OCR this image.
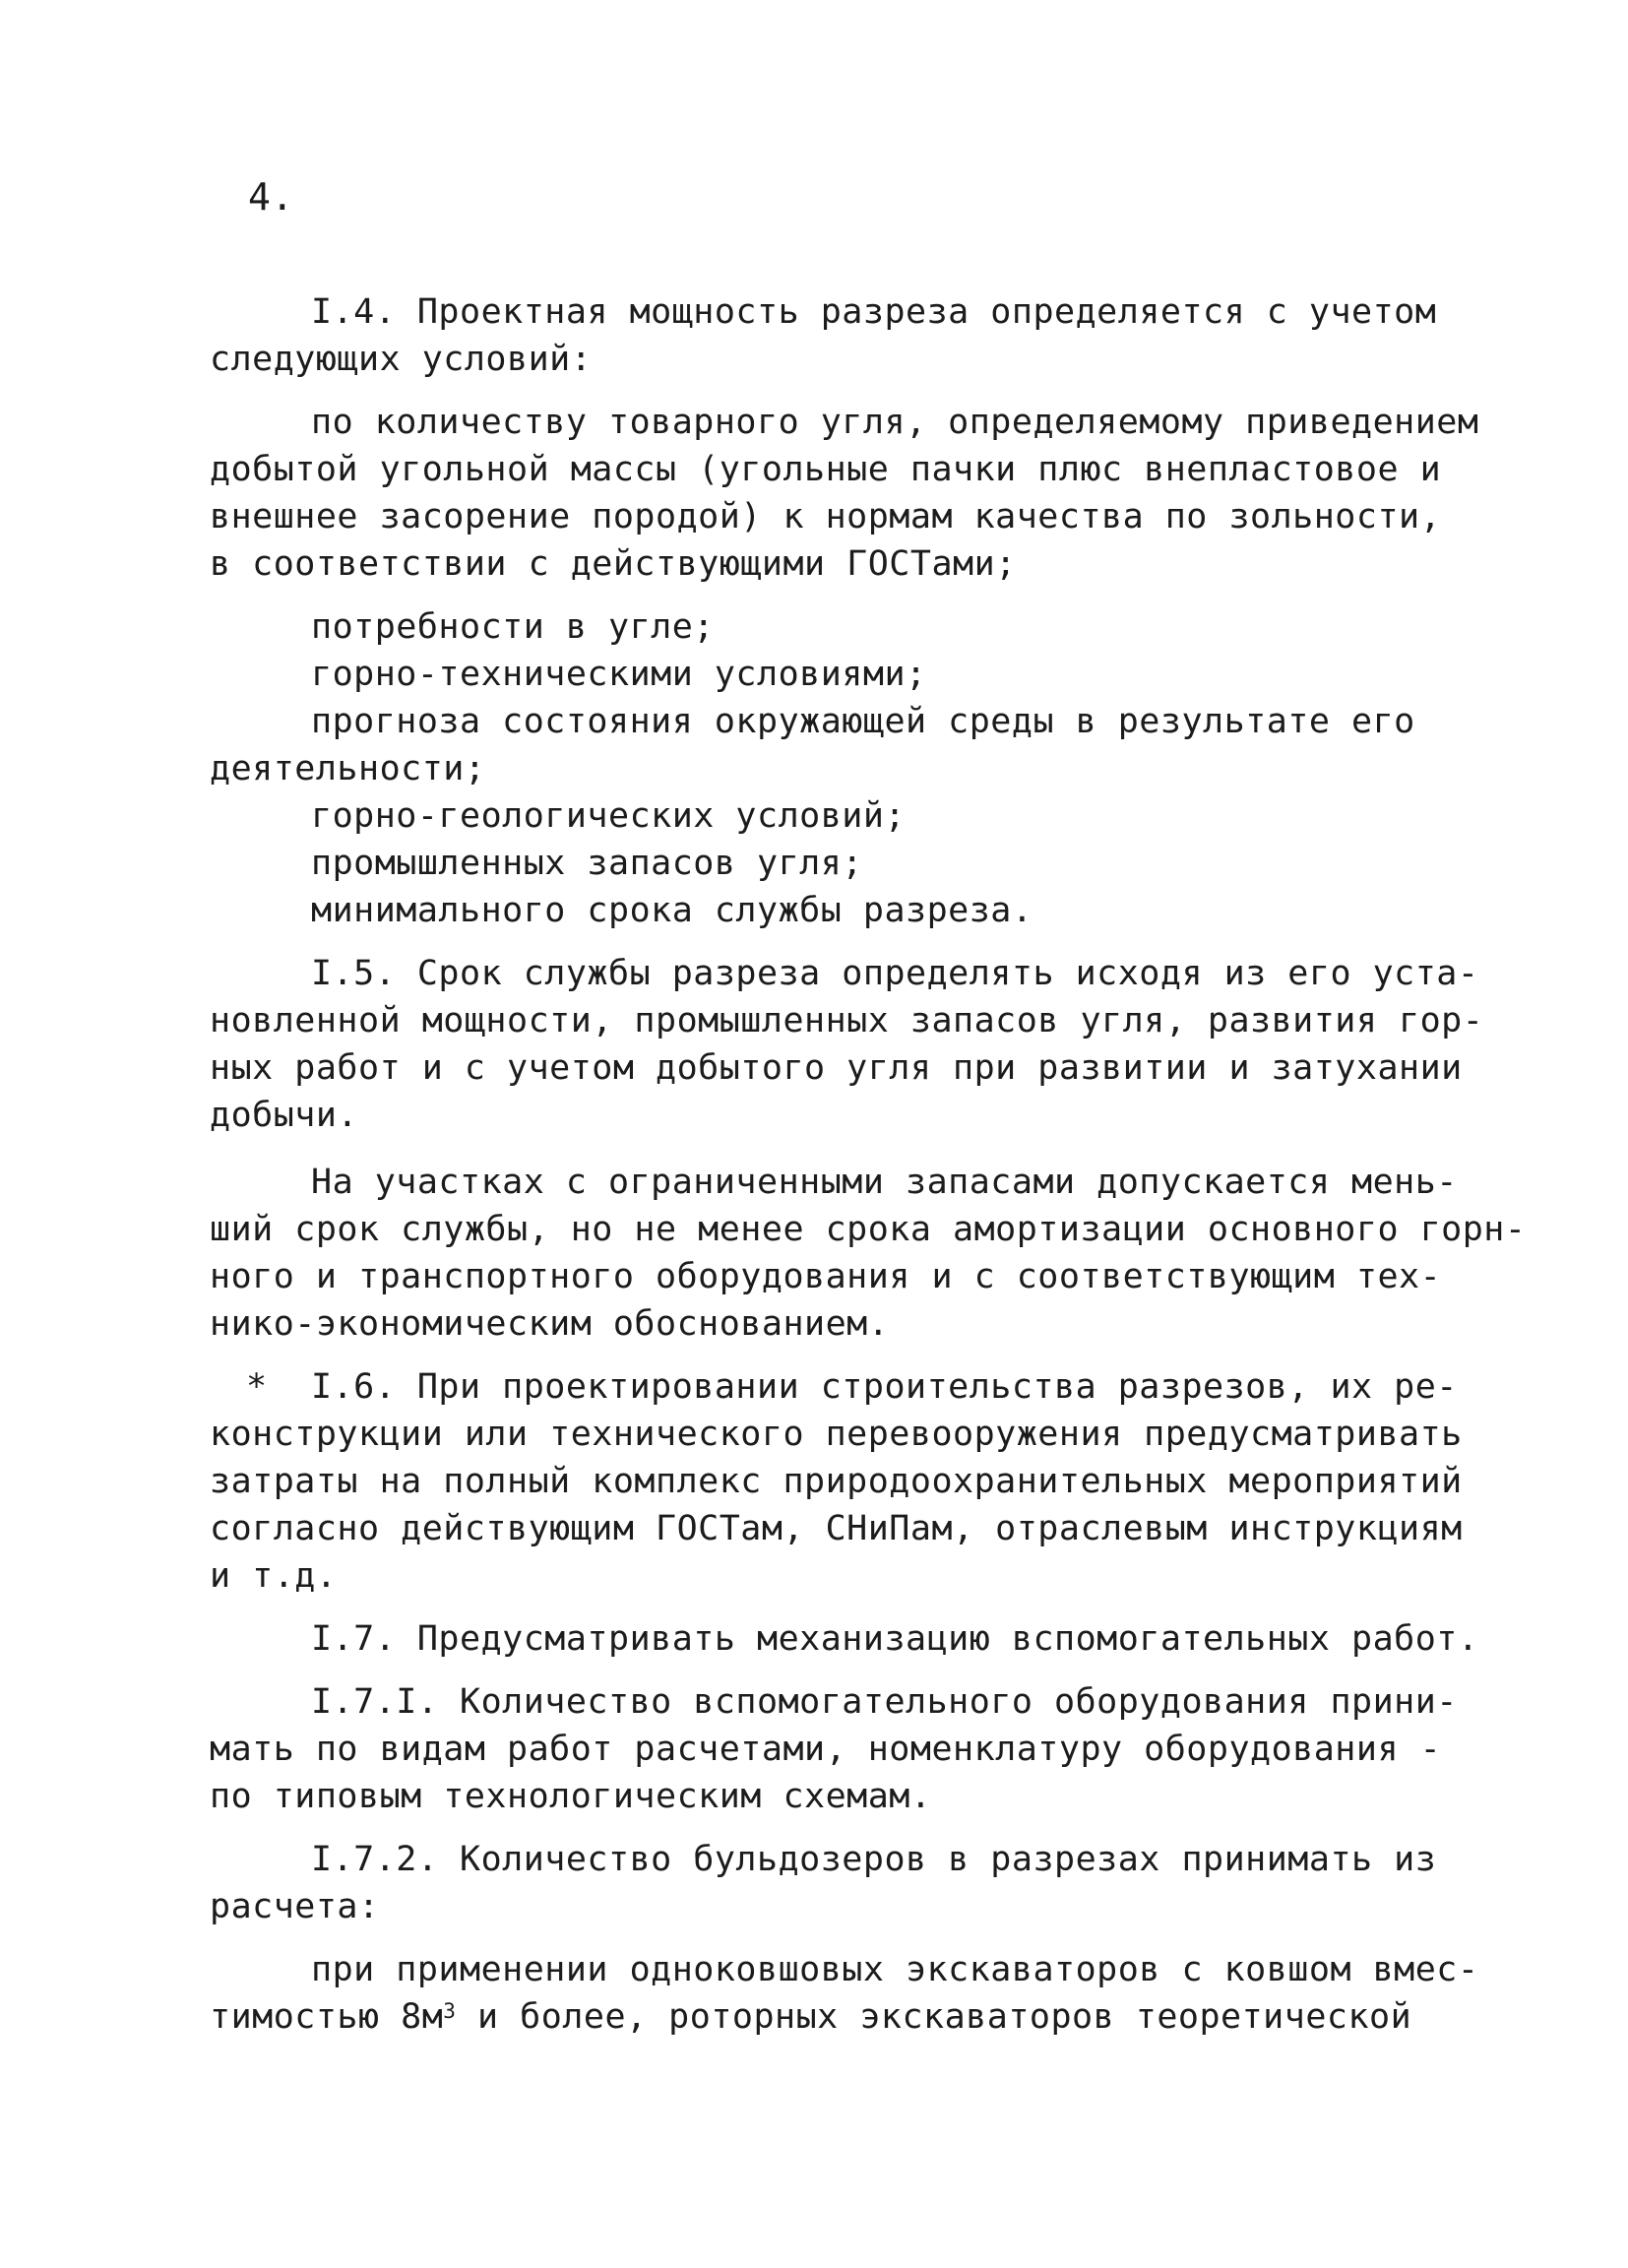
4.
I.4. Проектная мощность разреза определяется с учетом
следующих условий:
по количеству товарного угля, определяемому приведением
добытой угольной массы (угольные пачки плюс внепластовое и
внешнее засорение породой) к нормам качества по зольности,
в соответствии с действующими ГОСТами;
потребности в угле;
горно-техническими условиями;
прогноза состояния окружающей среды в результате его
деятельности;
горно-геологических условий;
промышленных запасов угля;
минимального срока службы разреза.
I.5. Срок службы разреза определять исходя из его уста-
новленной мощности, промышленных запасов угля, развития гор-
ных работ и с учетом добытого угля при развитии и затухании
добычи.
На участках с ограниченными запасами допускается мень-
ший срок службы, но не менее срока амортизации основного горн-
ного и транспортного оборудования и с соответствующим тех-
нико-экономическим обоснованием.
* I.6. При проектировании строительства разрезов, их ре-
конструкции или технического перевооружения предусматривать
затраты на полный комплекс природоохранительных мероприятий
согласно действующим ГОСТам, СНиПам, отраслевым инструкциям
и т.д.
I.7. Предусматривать механизацию вспомогательных работ.
I.7.I. Количество вспомогательного оборудования прини-
мать по видам работ расчетами, номенклатуру оборудования -
по типовым технологическим схемам.
I.7.2. Количество бульдозеров в разрезах принимать из
расчета:
при применении одноковшовых экскаваторов с ковшом вмес-
тимостью $8м^3$ и более, роторных экскаваторов теоретической
